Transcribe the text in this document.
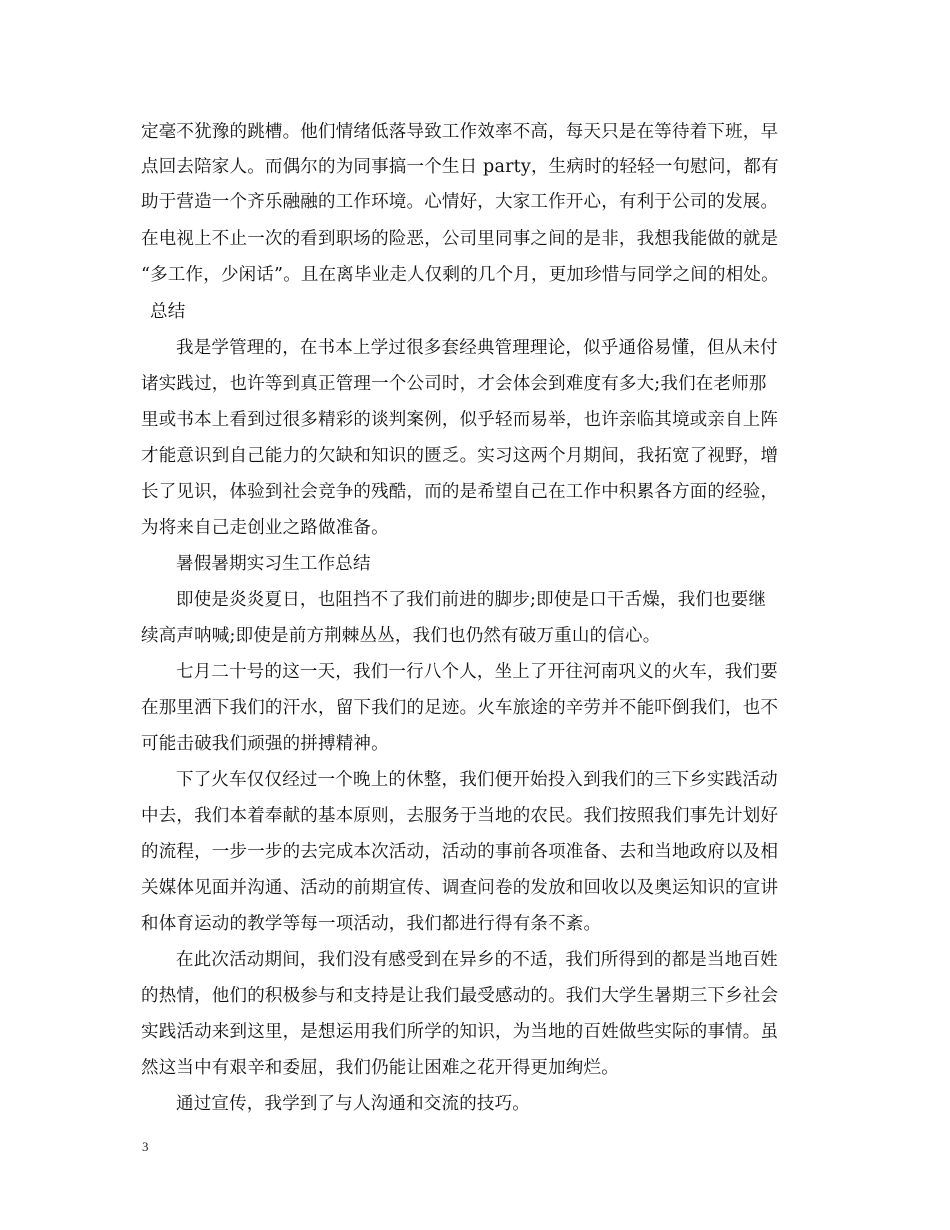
定毫不犹豫的跳槽。他们情绪低落导致工作效率不高，每天只是在等待着下班，早
点回去陪家人。而偶尔的为同事搞一个生日 party，生病时的轻轻一句慰问，都有
助于营造一个齐乐融融的工作环境。心情好，大家工作开心，有利于公司的发展。
在电视上不止一次的看到职场的险恶，公司里同事之间的是非，我想我能做的就是
“多工作，少闲话”。且在离毕业走人仅剩的几个月，更加珍惜与同学之间的相处。
总结
我是学管理的，在书本上学过很多套经典管理理论，似乎通俗易懂，但从未付
诸实践过，也许等到真正管理一个公司时，才会体会到难度有多大;我们在老师那
里或书本上看到过很多精彩的谈判案例，似乎轻而易举，也许亲临其境或亲自上阵
才能意识到自己能力的欠缺和知识的匮乏。实习这两个月期间，我拓宽了视野，增
长了见识，体验到社会竞争的残酷，而的是希望自己在工作中积累各方面的经验，
为将来自己走创业之路做准备。
暑假暑期实习生工作总结
即使是炎炎夏日，也阻挡不了我们前进的脚步;即使是口干舌燥，我们也要继
续高声呐喊;即使是前方荆棘丛丛，我们也仍然有破万重山的信心。
七月二十号的这一天，我们一行八个人，坐上了开往河南巩义的火车，我们要
在那里洒下我们的汗水，留下我们的足迹。火车旅途的辛劳并不能吓倒我们，也不
可能击破我们顽强的拼搏精神。
下了火车仅仅经过一个晚上的休整，我们便开始投入到我们的三下乡实践活动
中去，我们本着奉献的基本原则，去服务于当地的农民。我们按照我们事先计划好
的流程，一步一步的去完成本次活动，活动的事前各项准备、去和当地政府以及相
关媒体见面并沟通、活动的前期宣传、调查问卷的发放和回收以及奥运知识的宣讲
和体育运动的教学等每一项活动，我们都进行得有条不紊。
在此次活动期间，我们没有感受到在异乡的不适，我们所得到的都是当地百姓
的热情，他们的积极参与和支持是让我们最受感动的。我们大学生暑期三下乡社会
实践活动来到这里，是想运用我们所学的知识，为当地的百姓做些实际的事情。虽
然这当中有艰辛和委屈，我们仍能让困难之花开得更加绚烂。
通过宣传，我学到了与人沟通和交流的技巧。
3
